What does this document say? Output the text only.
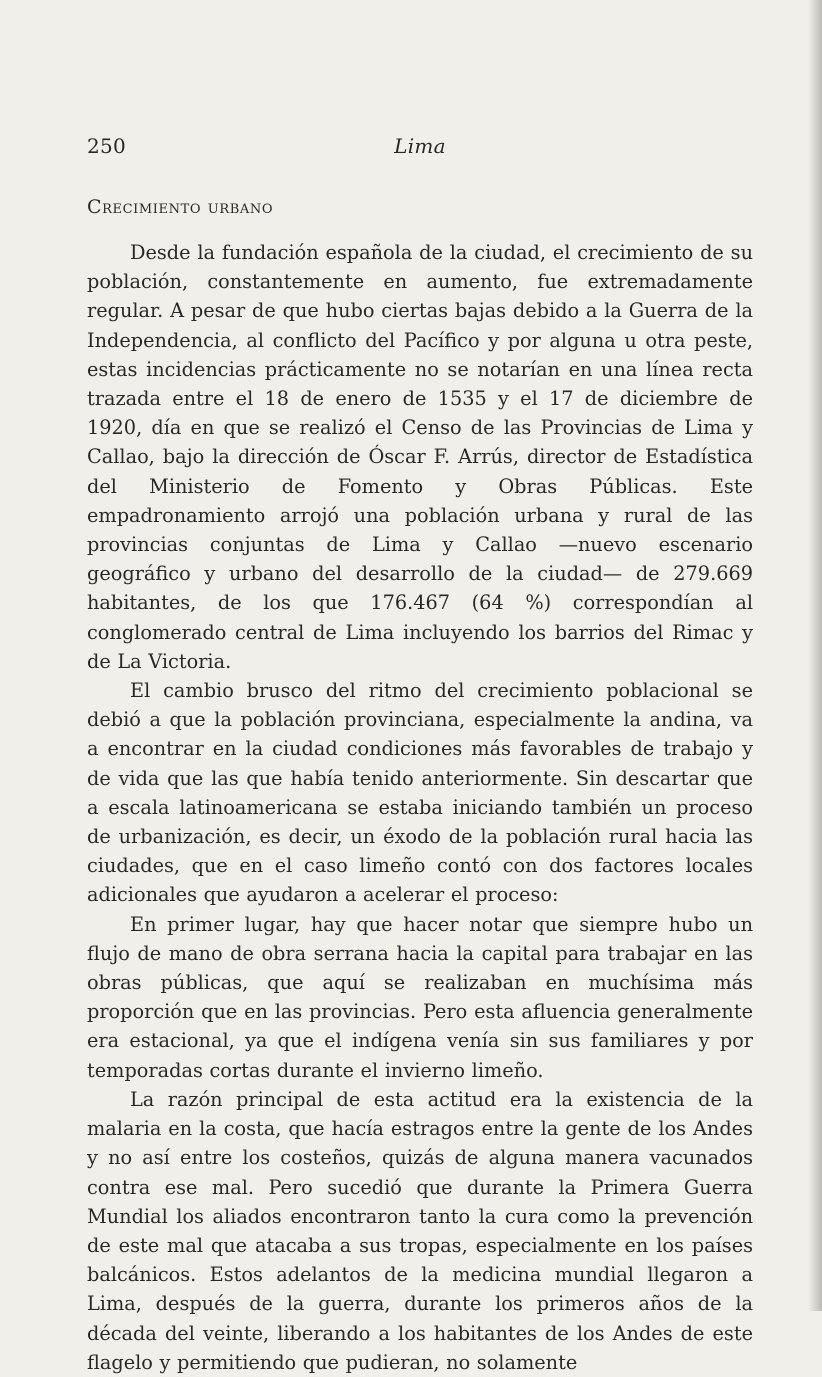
250	Lima
Crecimiento urbano

Desde la fundación española de la ciudad, el crecimiento de su población, constantemente en aumento, fue extremadamente regular. A pesar de que hubo ciertas bajas debido a la Guerra de la Independencia, al conflicto del Pacífico y por alguna u otra peste, estas incidencias prácticamente no se notarían en una línea recta trazada entre el 18 de enero de 1535 y el 17 de diciembre de 1920, día en que se realizó el Censo de las Provincias de Lima y Callao, bajo la dirección de Óscar F. Arrús, director de Estadística del Ministerio de Fomento y Obras Públicas. Este empadronamiento arrojó una población urbana y rural de las provincias conjuntas de Lima y Callao —nuevo escenario geográfico y urbano del desarrollo de la ciudad— de 279.669 habitantes, de los que 176.467 (64 %) correspondían al conglomerado central de Lima incluyendo los barrios del Rimac y de La Victoria.

El cambio brusco del ritmo del crecimiento poblacional se debió a que la población provinciana, especialmente la andina, va a encontrar en la ciudad condiciones más favorables de trabajo y de vida que las que había tenido anteriormente. Sin descartar que a escala latinoamericana se estaba iniciando también un proceso de urbanización, es decir, un éxodo de la población rural hacia las ciudades, que en el caso limeño contó con dos factores locales adicionales que ayudaron a acelerar el proceso:

En primer lugar, hay que hacer notar que siempre hubo un flujo de mano de obra serrana hacia la capital para trabajar en las obras públicas, que aquí se realizaban en muchísima más proporción que en las provincias. Pero esta afluencia generalmente era estacional, ya que el indígena venía sin sus familiares y por temporadas cortas durante el invierno limeño.

La razón principal de esta actitud era la existencia de la malaria en la costa, que hacía estragos entre la gente de los Andes y no así entre los costeños, quizás de alguna manera vacunados contra ese mal. Pero sucedió que durante la Primera Guerra Mundial los aliados encontraron tanto la cura como la prevención de este mal que atacaba a sus tropas, especialmente en los países balcánicos. Estos adelantos de la medicina mundial llegaron a Lima, después de la guerra, durante los primeros años de la década del veinte, liberando a los habitantes de los Andes de este flagelo y permitiendo que pudieran, no solamente
